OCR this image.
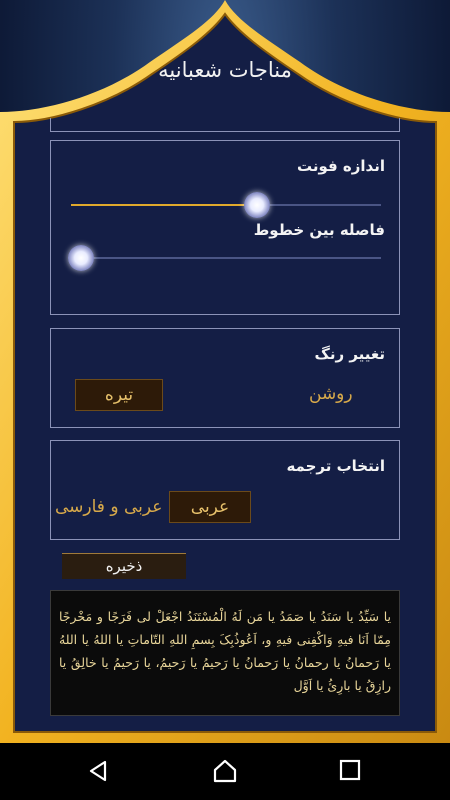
مناجات شعبانیه
اندازه فونت
فاصله بین خطوط
تغییر رنگ
تیره	روشن
انتخاب ترجمه
عربی
عربی و فارسی
ذخیره
یا سَیِّدُ یا سَنَدُ یا صَمَدُ یا مَن لَهُ الْمُسْتَنَدُ اجْعَلْ لی فَرَجًا و مَخْرجًا مِمّا اَنَا فیهِ وَاکْفِنی فیهِ و، اَعُوذُبِکَ بِسمِ اللهِ التّاماتِ یا اللهُ یا اللهُ یا رَحمانُ یا رحمانُ یا رَحمانُ یا رَحیمُ یا رَحیمُ، یا رَحیمُ یا خالِقُ یا رازِقُ یا بارِئُ یا اَوَّل
